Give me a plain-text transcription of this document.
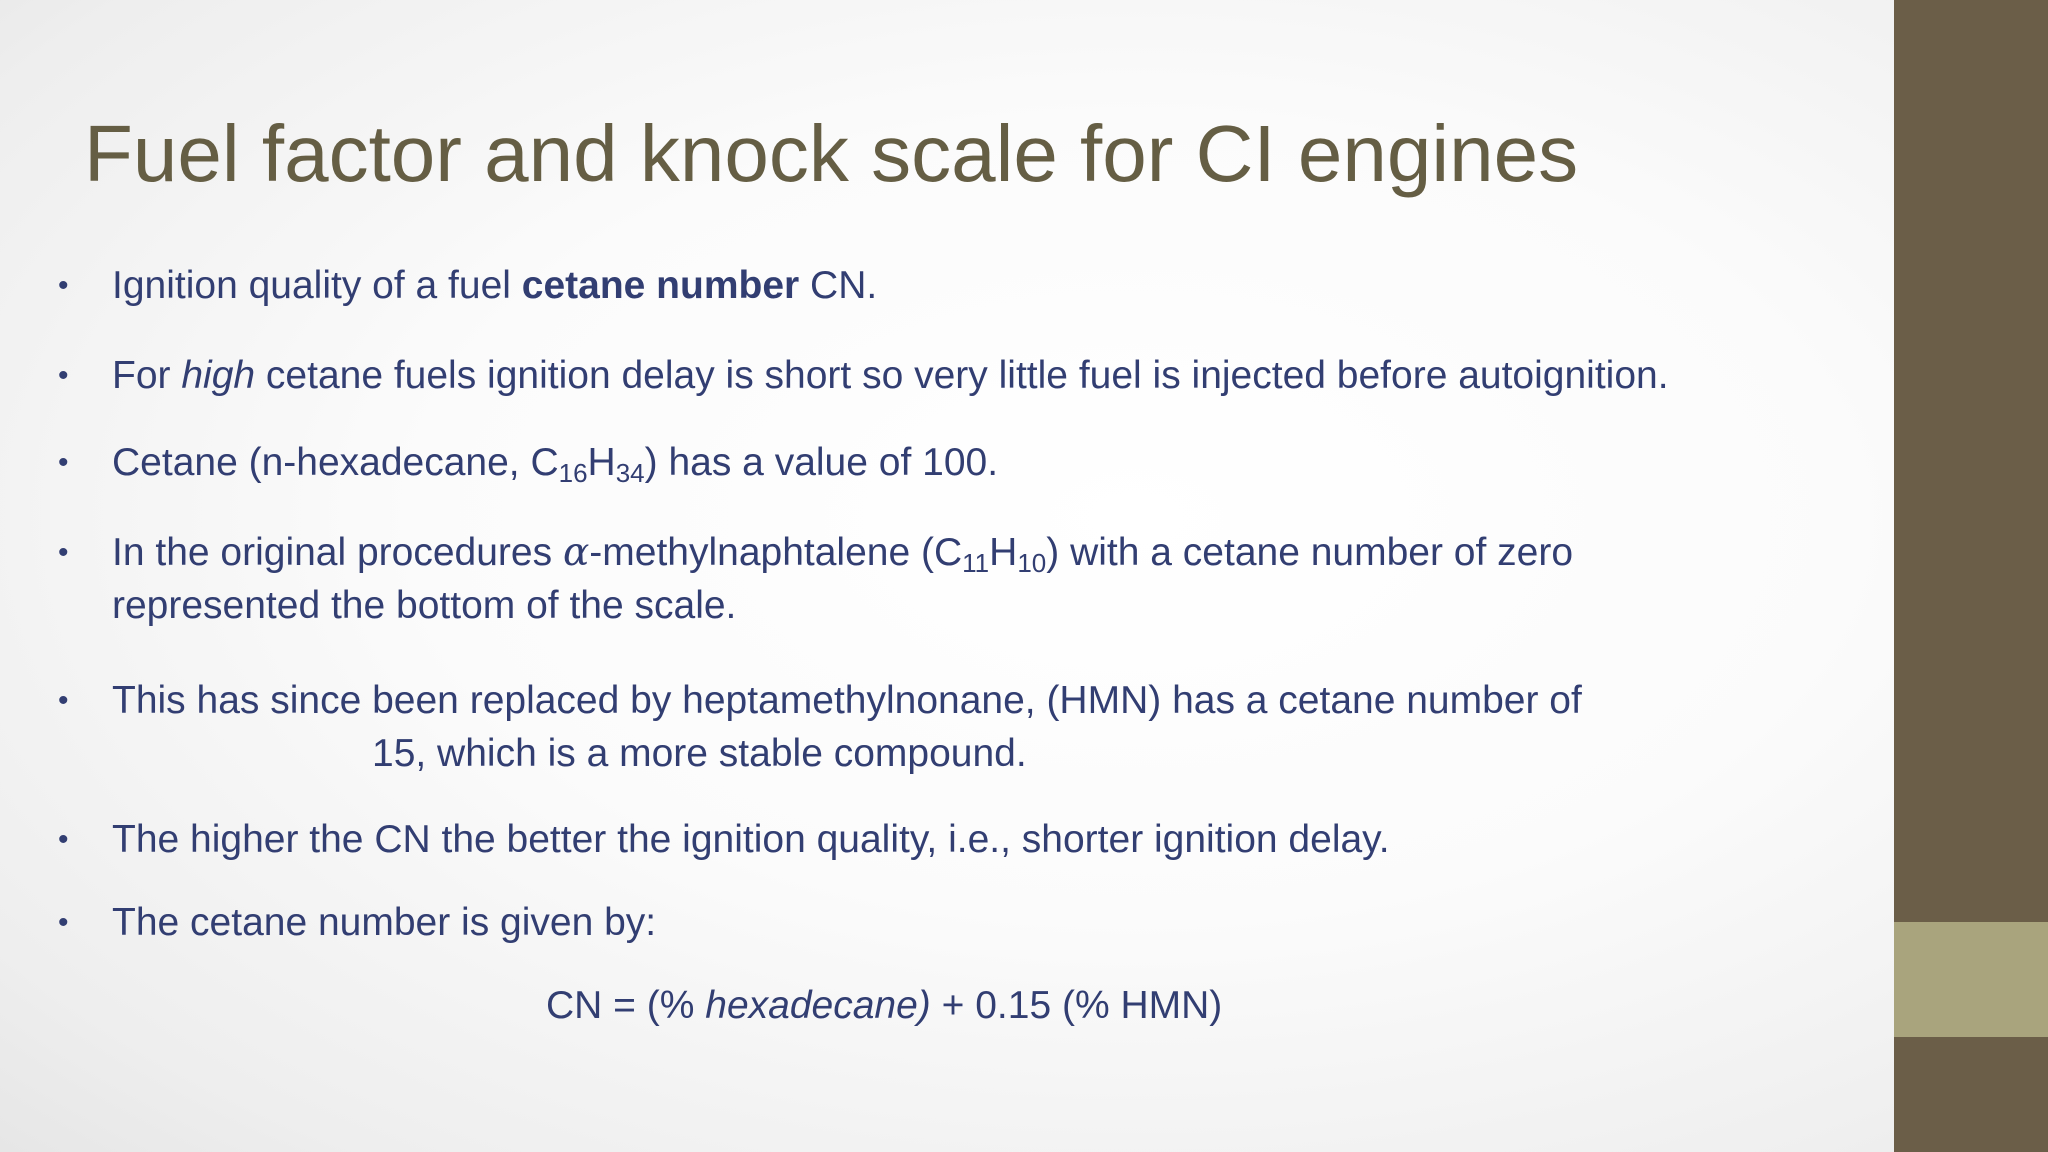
Fuel factor and knock scale for CI engines
• Ignition quality of a fuel cetane number CN.
• For high cetane fuels ignition delay is short so very little fuel is injected before autoignition.
• Cetane (n-hexadecane, $C_{16}H_{34}$) has a value of 100.
• In the original procedures α-methylnaphtalene $(C_{11}H_{10})$ with a cetane number of zero
represented the bottom of the scale.
• This has since been replaced by heptamethylnonane, (HMN) has a cetane number of
15, which is a more stable compound.
• The higher the CN the better the ignition quality, i.e., shorter ignition delay.
• The cetane number is given by:
CN = (% hexadecane) + 0.15 (% HMN)
